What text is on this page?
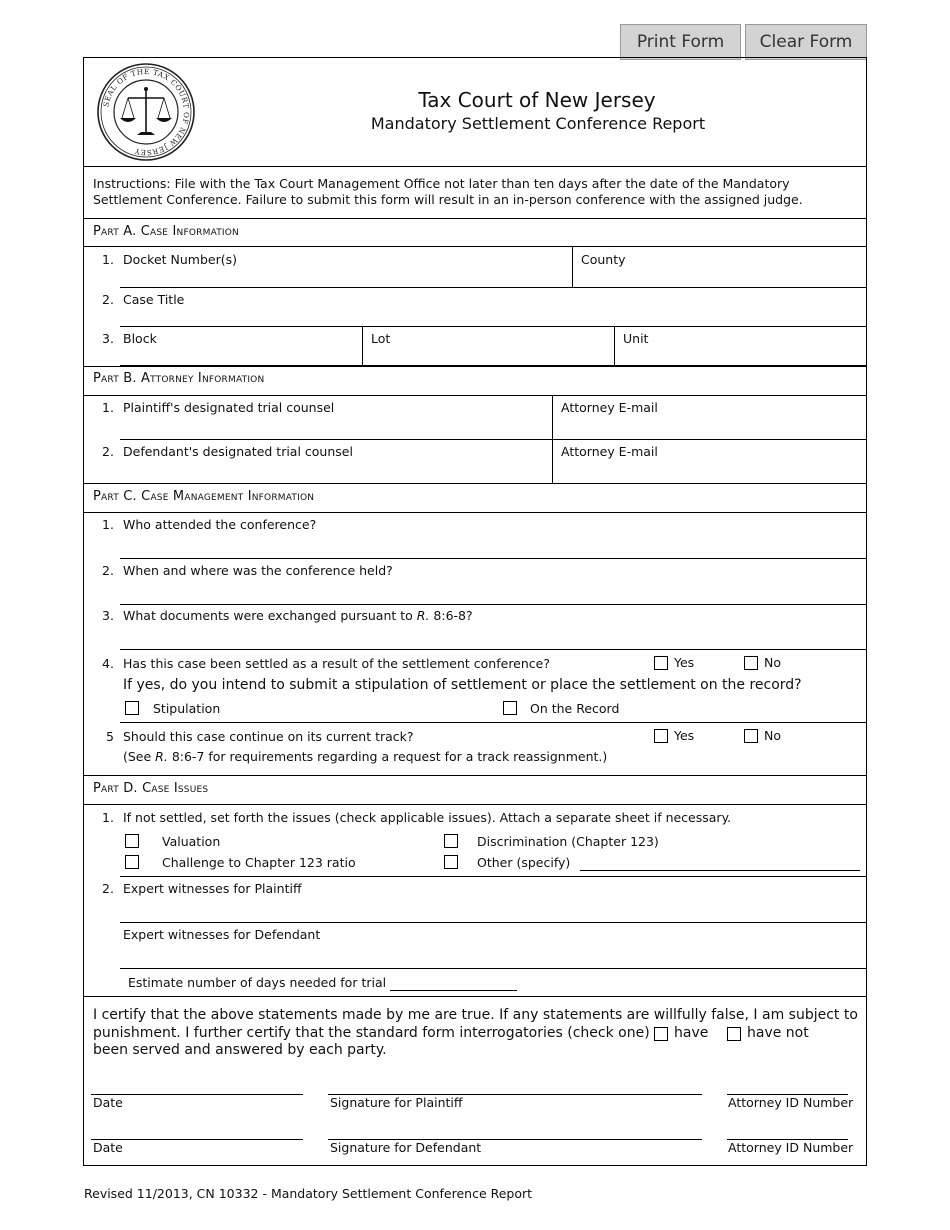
Print Form	Clear Form
SEAL OF THE TAX COURT OF NEW JERSEY
Tax Court of New Jersey
Mandatory Settlement Conference Report
Instructions: File with the Tax Court Management Office not later than ten days after the date of the Mandatory
Settlement Conference. Failure to submit this form will result in an in-person conference with the assigned judge.
Part A. Case Information
1. Docket Number(s)	County
2. Case Title
3. Block	Lot	Unit
Part B. Attorney Information
1. Plaintiff's designated trial counsel	Attorney E-mail
2. Defendant's designated trial counsel	Attorney E-mail
Part C. Case Management Information
1. Who attended the conference?
2. When and where was the conference held?
3. What documents were exchanged pursuant to R. 8:6-8?
4. Has this case been settled as a result of the settlement conference?	Yes	No
If yes, do you intend to submit a stipulation of settlement or place the settlement on the record?
Stipulation	On the Record
5 Should this case continue on its current track?	Yes	No
(See R. 8:6-7 for requirements regarding a request for a track reassignment.)
Part D. Case Issues
1. If not settled, set forth the issues (check applicable issues). Attach a separate sheet if necessary.
Valuation	Discrimination (Chapter 123)
Challenge to Chapter 123 ratio	Other (specify)
2. Expert witnesses for Plaintiff
Expert witnesses for Defendant
Estimate number of days needed for trial
I certify that the above statements made by me are true. If any statements are willfully false, I am subject to
punishment. I further certify that the standard form interrogatories (check one) have	have not
been served and answered by each party.
Date	Signature for Plaintiff	Attorney ID Number
Date	Signature for Defendant	Attorney ID Number
Revised 11/2013, CN 10332 - Mandatory Settlement Conference Report
